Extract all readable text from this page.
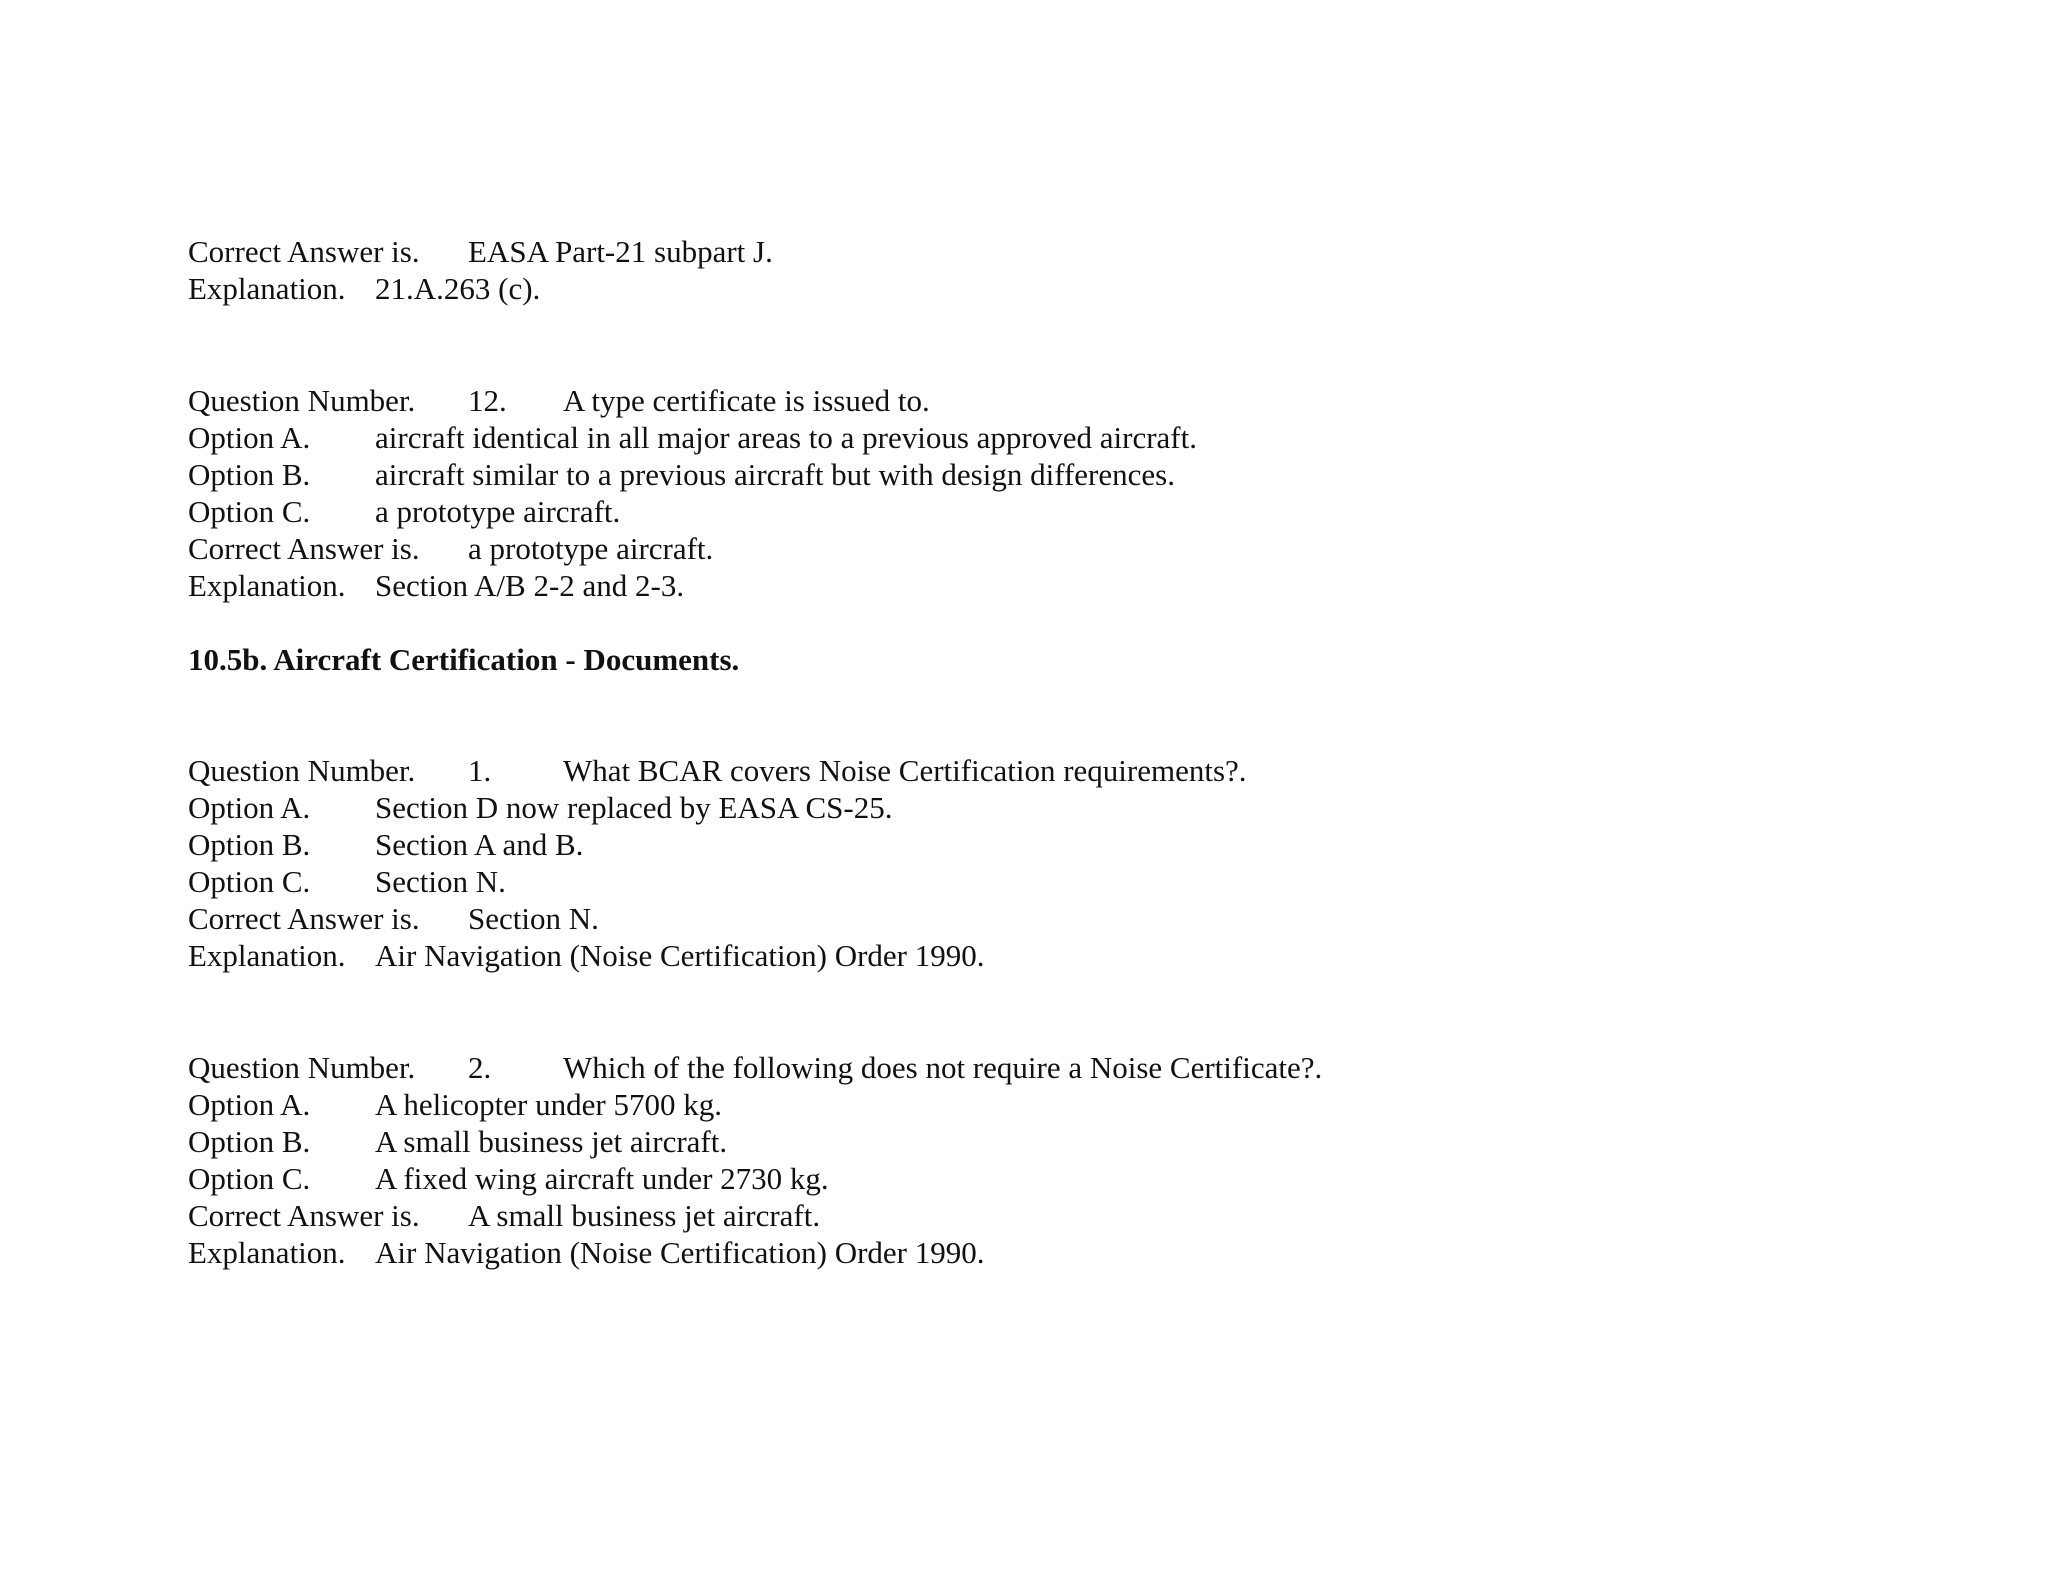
Correct Answer is. EASA Part-21 subpart J.
Explanation. 21.A.263 (c).
Question Number. 12. A type certificate is issued to.
Option A. aircraft identical in all major areas to a previous approved aircraft.
Option B. aircraft similar to a previous aircraft but with design differences.
Option C. a prototype aircraft.
Correct Answer is. a prototype aircraft.
Explanation. Section A/B 2-2 and 2-3.
10.5b. Aircraft Certification - Documents.
Question Number. 1. What BCAR covers Noise Certification requirements?.
Option A. Section D now replaced by EASA CS-25.
Option B. Section A and B.
Option C. Section N.
Correct Answer is. Section N.
Explanation. Air Navigation (Noise Certification) Order 1990.
Question Number. 2. Which of the following does not require a Noise Certificate?.
Option A. A helicopter under 5700 kg.
Option B. A small business jet aircraft.
Option C. A fixed wing aircraft under 2730 kg.
Correct Answer is. A small business jet aircraft.
Explanation. Air Navigation (Noise Certification) Order 1990.
